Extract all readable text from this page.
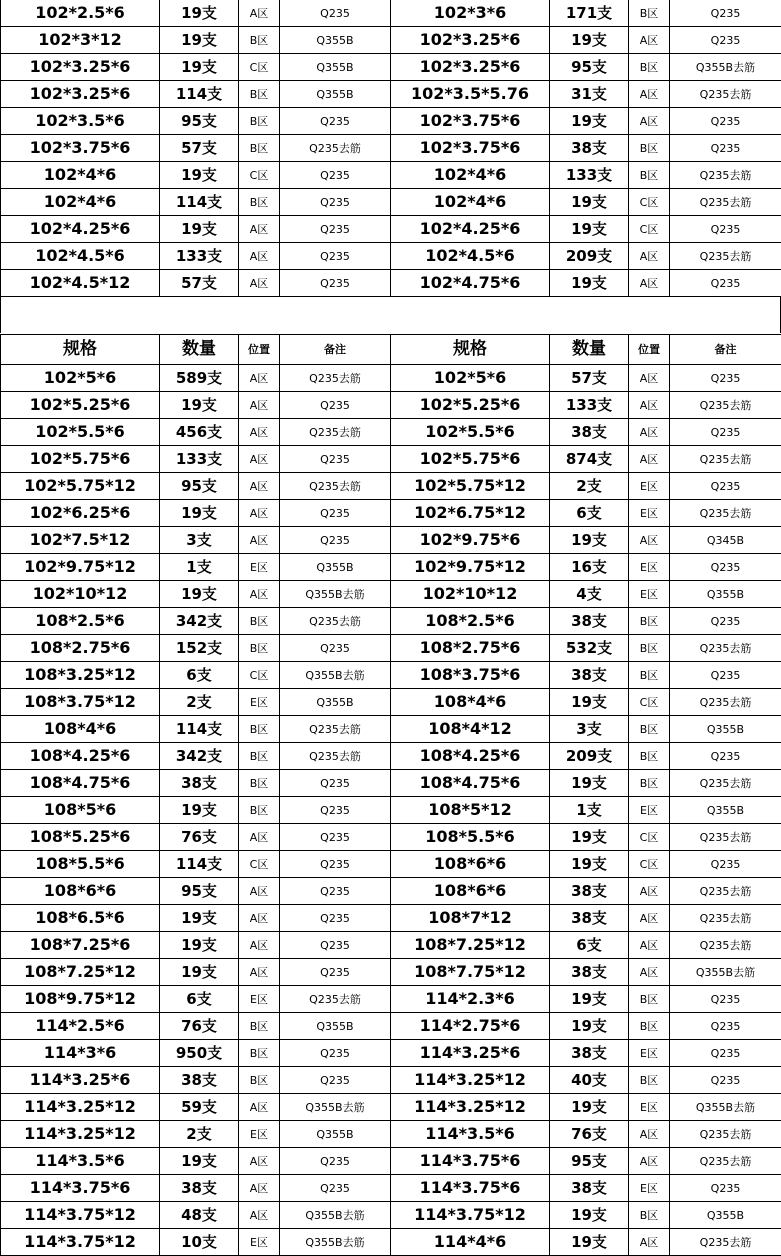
102*2.5*6	19支	A区	Q235	102*3*6	171支	B区	Q235
102*3*12	19支	B区	Q355B	102*3.25*6	19支	A区	Q235
102*3.25*6	19支	C区	Q355B	102*3.25*6	95支	B区	Q355B去筋
102*3.25*6	114支	B区	Q355B	102*3.5*5.76	31支	A区	Q235去筋
102*3.5*6	95支	B区	Q235	102*3.75*6	19支	A区	Q235
102*3.75*6	57支	B区	Q235去筋	102*3.75*6	38支	B区	Q235
102*4*6	19支	C区	Q235	102*4*6	133支	B区	Q235去筋
102*4*6	114支	B区	Q235	102*4*6	19支	C区	Q235去筋
102*4.25*6	19支	A区	Q235	102*4.25*6	19支	C区	Q235
102*4.5*6	133支	A区	Q235	102*4.5*6	209支	A区	Q235去筋
102*4.5*12	57支	A区	Q235	102*4.75*6	19支	A区	Q235
规格	数量	位置	备注	规格	数量	位置	备注
102*5*6	589支	A区	Q235去筋	102*5*6	57支	A区	Q235
102*5.25*6	19支	A区	Q235	102*5.25*6	133支	A区	Q235去筋
102*5.5*6	456支	A区	Q235去筋	102*5.5*6	38支	A区	Q235
102*5.75*6	133支	A区	Q235	102*5.75*6	874支	A区	Q235去筋
102*5.75*12	95支	A区	Q235去筋	102*5.75*12	2支	E区	Q235
102*6.25*6	19支	A区	Q235	102*6.75*12	6支	E区	Q235去筋
102*7.5*12	3支	A区	Q235	102*9.75*6	19支	A区	Q345B
102*9.75*12	1支	E区	Q355B	102*9.75*12	16支	E区	Q235
102*10*12	19支	A区	Q355B去筋	102*10*12	4支	E区	Q355B
108*2.5*6	342支	B区	Q235去筋	108*2.5*6	38支	B区	Q235
108*2.75*6	152支	B区	Q235	108*2.75*6	532支	B区	Q235去筋
108*3.25*12	6支	C区	Q355B去筋	108*3.75*6	38支	B区	Q235
108*3.75*12	2支	E区	Q355B	108*4*6	19支	C区	Q235去筋
108*4*6	114支	B区	Q235去筋	108*4*12	3支	B区	Q355B
108*4.25*6	342支	B区	Q235去筋	108*4.25*6	209支	B区	Q235
108*4.75*6	38支	B区	Q235	108*4.75*6	19支	B区	Q235去筋
108*5*6	19支	B区	Q235	108*5*12	1支	E区	Q355B
108*5.25*6	76支	A区	Q235	108*5.5*6	19支	C区	Q235去筋
108*5.5*6	114支	C区	Q235	108*6*6	19支	C区	Q235
108*6*6	95支	A区	Q235	108*6*6	38支	A区	Q235去筋
108*6.5*6	19支	A区	Q235	108*7*12	38支	A区	Q235去筋
108*7.25*6	19支	A区	Q235	108*7.25*12	6支	A区	Q235去筋
108*7.25*12	19支	A区	Q235	108*7.75*12	38支	A区	Q355B去筋
108*9.75*12	6支	E区	Q235去筋	114*2.3*6	19支	B区	Q235
114*2.5*6	76支	B区	Q355B	114*2.75*6	19支	B区	Q235
114*3*6	950支	B区	Q235	114*3.25*6	38支	E区	Q235
114*3.25*6	38支	B区	Q235	114*3.25*12	40支	B区	Q235
114*3.25*12	59支	A区	Q355B去筋	114*3.25*12	19支	E区	Q355B去筋
114*3.25*12	2支	E区	Q355B	114*3.5*6	76支	A区	Q235去筋
114*3.5*6	19支	A区	Q235	114*3.75*6	95支	A区	Q235去筋
114*3.75*6	38支	A区	Q235	114*3.75*6	38支	E区	Q235
114*3.75*12	48支	A区	Q355B去筋	114*3.75*12	19支	B区	Q355B
114*3.75*12	10支	E区	Q355B去筋	114*4*6	19支	A区	Q235去筋
